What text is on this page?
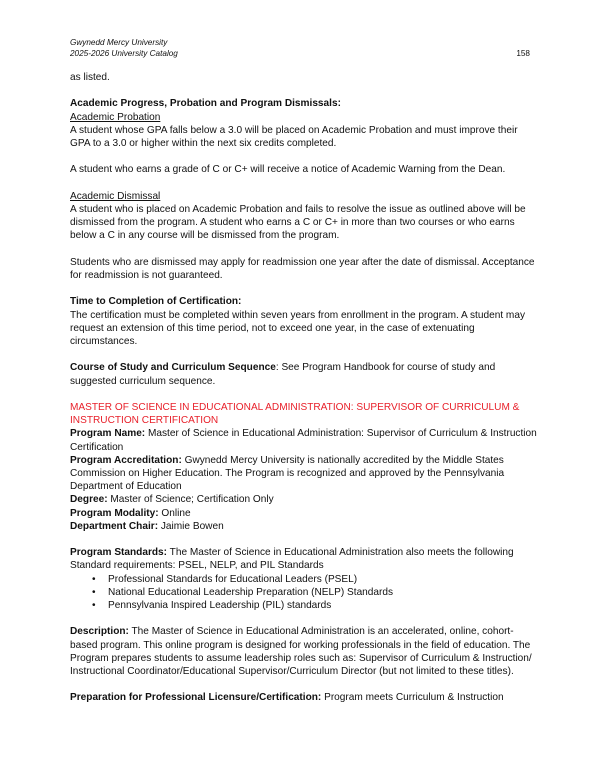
Gwynedd Mercy University
2025-2026 University Catalog	158

as listed.

Academic Progress, Probation and Program Dismissals:
Academic Probation

A student whose GPA falls below a 3.0 will be placed on Academic Probation and must improve their GPA to a 3.0 or higher within the next six credits completed.

A student who earns a grade of C or C+ will receive a notice of Academic Warning from the Dean.

Academic Dismissal

A student who is placed on Academic Probation and fails to resolve the issue as outlined above will be dismissed from the program. A student who earns a C or C+ in more than two courses or who earns below a C in any course will be dismissed from the program.

Students who are dismissed may apply for readmission one year after the date of dismissal. Acceptance for readmission is not guaranteed.

Time to Completion of Certification:

The certification must be completed within seven years from enrollment in the program. A student may request an extension of this time period, not to exceed one year, in the case of extenuating circumstances.

Course of Study and Curriculum Sequence: See Program Handbook for course of study and suggested curriculum sequence.

MASTER OF SCIENCE IN EDUCATIONAL ADMINISTRATION: SUPERVISOR OF CURRICULUM & INSTRUCTION CERTIFICATION
Program Name: Master of Science in Educational Administration: Supervisor of Curriculum & Instruction Certification
Program Accreditation: Gwynedd Mercy University is nationally accredited by the Middle States Commission on Higher Education. The Program is recognized and approved by the Pennsylvania Department of Education
Degree: Master of Science; Certification Only
Program Modality: Online

Department Chair: Jaimie Bowen

Program Standards: The Master of Science in Educational Administration also meets the following Standard requirements: PSEL, NELP, and PIL Standards
• Professional Standards for Educational Leaders (PSEL)
• National Educational Leadership Preparation (NELP) Standards
• Pennsylvania Inspired Leadership (PIL) standards

Description: The Master of Science in Educational Administration is an accelerated, online, cohort-based program. This online program is designed for working professionals in the field of education. The Program prepares students to assume leadership roles such as: Supervisor of Curriculum & Instruction/ Instructional Coordinator/Educational Supervisor/Curriculum Director (but not limited to these titles).

Preparation for Professional Licensure/Certification: Program meets Curriculum & Instruction
